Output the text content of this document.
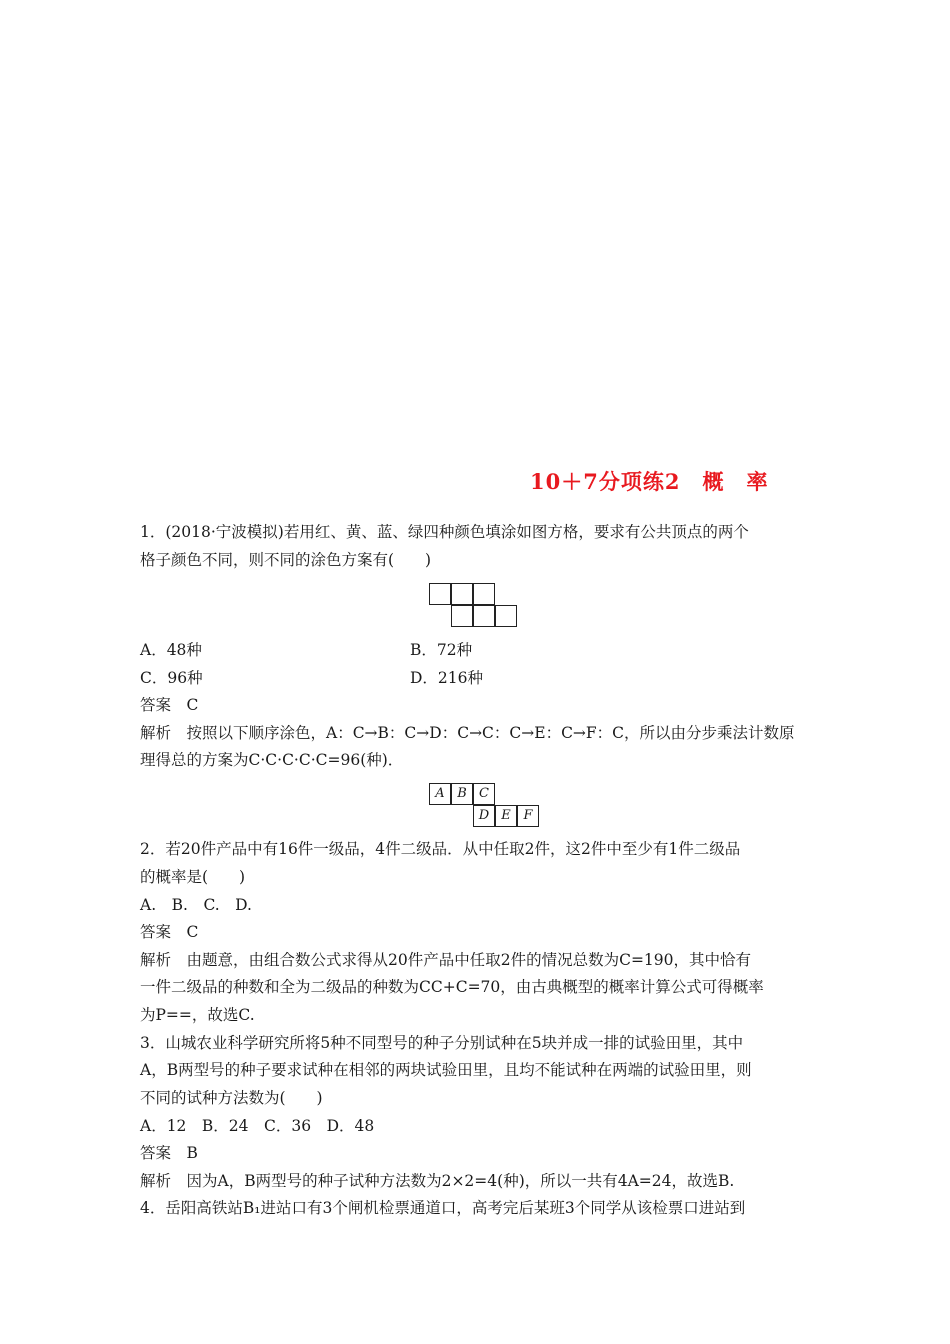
10＋7分项练2　概　率
1．(2018·宁波模拟)若用红、黄、蓝、绿四种颜色填涂如图方格，要求有公共顶点的两个
格子颜色不同，则不同的涂色方案有(　　)
A．48种	B．72种
C．96种	D．216种
答案　C
解析　按照以下顺序涂色，A：C→B：C→D：C→C：C→E：C→F：C，所以由分步乘法计数原
理得总的方案为C·C·C·C·C=96(种)．
A B C
D E F
2．若20件产品中有16件一级品，4件二级品．从中任取2件，这2件中至少有1件二级品
的概率是(　　)
A.　B.　C.　D.
答案　C
解析　由题意，由组合数公式求得从20件产品中任取2件的情况总数为C=190，其中恰有
一件二级品的种数和全为二级品的种数为CC+C=70，由古典概型的概率计算公式可得概率
为P==，故选C.
3．山城农业科学研究所将5种不同型号的种子分别试种在5块并成一排的试验田里，其中
A，B两型号的种子要求试种在相邻的两块试验田里，且均不能试种在两端的试验田里，则
不同的试种方法数为(　　)
A．12　B．24　C．36　D．48
答案　B
解析　因为A，B两型号的种子试种方法数为2×2=4(种)，所以一共有4A=24，故选B.
4．岳阳高铁站B₁进站口有3个闸机检票通道口，高考完后某班3个同学从该检票口进站到
